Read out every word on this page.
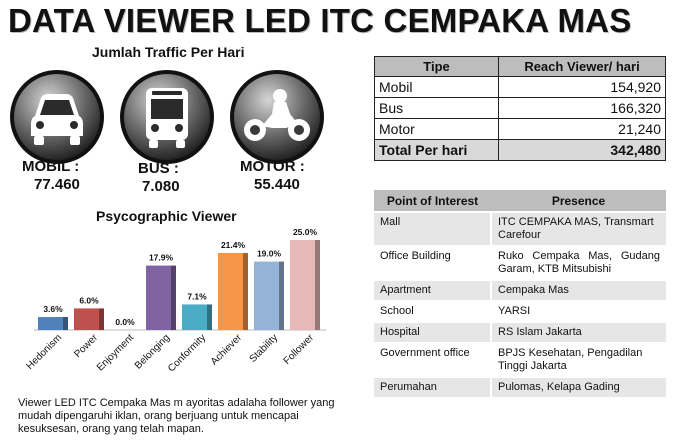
DATA VIEWER LED ITC CEMPAKA MAS
Jumlah Traffic Per Hari
MOBIL :
77.460
BUS :
7.080
MOTOR :
55.440
Psycographic Viewer
3.6%
Hedonism
6.0%
Power
0.0%
Enjoyment
17.9%
Belonging
7.1%
Conformity
21.4%
Achiever
19.0%
Stability
25.0%
Follower
Viewer LED ITC Cempaka Mas m ayoritas adalaha follower yang mudah dipengaruhi iklan, orang berjuang untuk mencapai kesuksesan, orang yang telah mapan.
Tipe	Reach Viewer/ hari
Mobil	154,920
Bus	166,320
Motor	21,240
Total Per hari	342,480
Point of Interest	Presence
Mall	ITC CEMPAKA MAS, Transmart Carefour
Office Building	Ruko Cempaka Mas, Gudang Garam, KTB Mitsubishi
Apartment	Cempaka Mas
School	YARSI
Hospital	RS Islam Jakarta
Government office	BPJS Kesehatan, Pengadilan Tinggi Jakarta
Perumahan	Pulomas, Kelapa Gading
